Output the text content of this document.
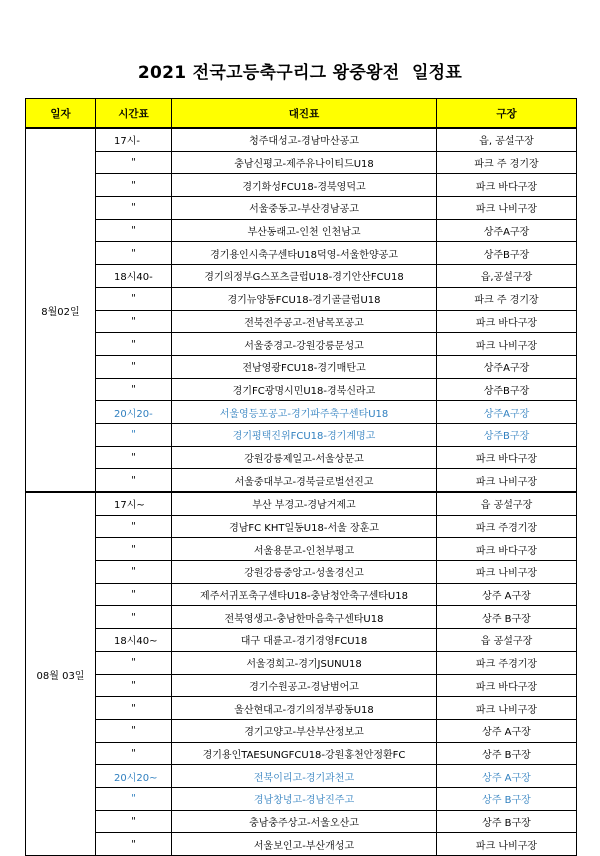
2021 전국고등축구리그 왕중왕전  일정표
일자	시간표	대진표	구장
8월02일	17시-	청주대성고-경남마산공고	읍, 공설구장
	"	충남신평고-제주유나이티드U18	파크 주 경기장
	"	경기화성FCU18-경북영덕고	파크 바다구장
	"	서울중동고-부산경남공고	파크 나비구장
	"	부산동래고-인천 인천남고	상주A구장
	"	경기용인시축구센타U18덕영-서울한양공고	상주B구장
	18시40-	경기의정부G스포츠클럽U18-경기안산FCU18	읍,공설구장
	"	경기뉴양동FCU18-경기골클럽U18	파크 주 경기장
	"	전북전주공고-전남목포공고	파크 바다구장
	"	서울중경고-강원강릉문성고	파크 나비구장
	"	전남영광FCU18-경기매탄고	상주A구장
	"	경기FC광명시민U18-경북신라고	상주B구장
	20시20-	서울영등포공고-경기파주축구센타U18	상주A구장
	"	경기평택진위FCU18-경기계명고	상주B구장
	"	강원강릉제일고-서울상문고	파크 바다구장
	"	서울중대부고-경북글로벌선진고	파크 나비구장
08월 03일	17시~	부산 부경고-경남거제고	읍 공설구장
	"	경남FC KHT일동U18-서울 장훈고	파크 주경기장
	"	서울용문고-인천부평고	파크 바다구장
	"	강원강릉중앙고-성울경신고	파크 나비구장
	"	제주서귀포축구센타U18-충남청안축구센타U18	상주 A구장
	"	전북영생고-충남한마음축구센타U18	상주 B구장
	18시40~	대구 대륜고-경기경영FCU18	읍 공설구장
	"	서울경희고-경기JSUNU18	파크 주경기장
	"	경기수원공고-경남범어고	파크 바다구장
	"	울산현대고-경기의정부광동U18	파크 나비구장
	"	경기고양고-부산부산정보고	상주 A구장
	"	경기용인TAESUNGFCU18-강원홍천안정환FC	상주 B구장
	20시20~	전북이리고-경기과천고	상주 A구장
	"	경남창녕고-경남진주고	상주 B구장
	"	충남충주상고-서울오산고	상주 B구장
	"	서울보인고-부산개성고	파크 나비구장
